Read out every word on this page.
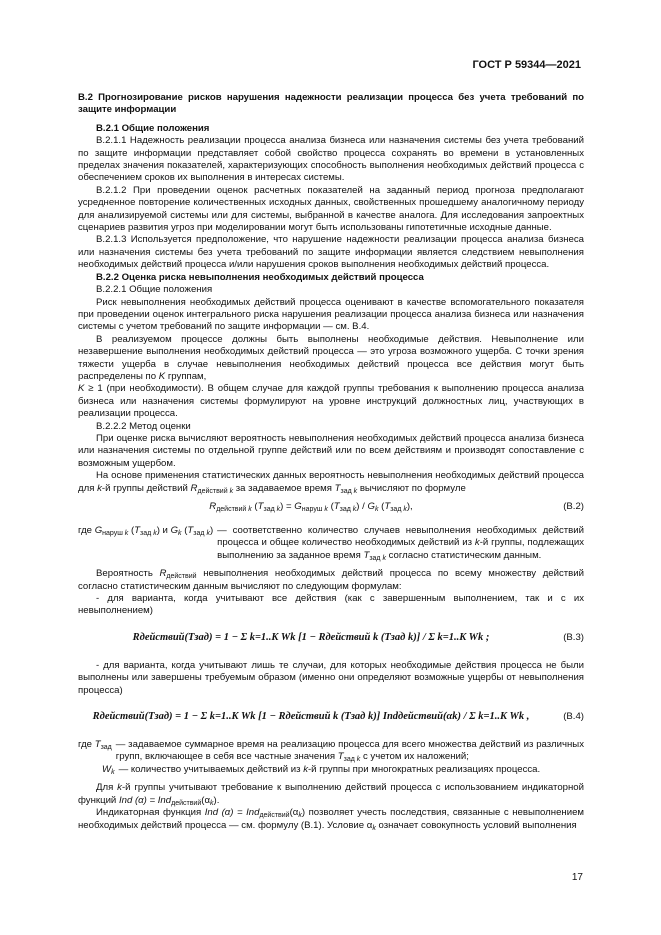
ГОСТ Р 59344—2021

В.2 Прогнозирование рисков нарушения надежности реализации процесса без учета требований по защите информации

В.2.1 Общие положения

В.2.1.1 Надежность реализации процесса анализа бизнеса или назначения системы без учета требований по защите информации представляет собой свойство процесса сохранять во времени в установленных пределах значения показателей, характеризующих способность выполнения необходимых действий процесса с обеспечением сроков их выполнения в интересах системы.

В.2.1.2 При проведении оценок расчетных показателей на заданный период прогноза предполагают усредненное повторение количественных исходных данных, свойственных прошедшему аналогичному периоду для анализируемой системы или для системы, выбранной в качестве аналога. Для исследования запроектных сценариев развития угроз при моделировании могут быть использованы гипотетичные исходные данные.

В.2.1.3 Используется предположение, что нарушение надежности реализации процесса анализа бизнеса или назначения системы без учета требований по защите информации является следствием невыполнения необходимых действий процесса и/или нарушения сроков выполнения необходимых действий процесса.

В.2.2 Оценка риска невыполнения необходимых действий процесса

В.2.2.1 Общие положения

Риск невыполнения необходимых действий процесса оценивают в качестве вспомогательного показателя при проведении оценок интегрального риска нарушения реализации процесса анализа бизнеса или назначения системы с учетом требований по защите информации — см. В.4.

В реализуемом процессе должны быть выполнены необходимые действия. Невыполнение или незавершение выполнения необходимых действий процесса — это угроза возможного ущерба. С точки зрения тяжести ущерба в случае невыполнения необходимых действий процесса все действия могут быть распределены по K группам,
K ≥ 1 (при необходимости). В общем случае для каждой группы требования к выполнению процесса анализа бизнеса или назначения системы формулируют на уровне инструкций должностных лиц, участвующих в реализации процесса.

В.2.2.2 Метод оценки

При оценке риска вычисляют вероятность невыполнения необходимых действий процесса анализа бизнеса или назначения системы по отдельной группе действий или по всем действиям и производят сопоставление с возможным ущербом.

На основе применения статистических данных вероятность невыполнения необходимых действий процесса для k-й группы действий $R_{действий k}$ за задаваемое время $T_{зад k}$ вычисляют по формуле

$R_{действий k}$ $(T_{зад k}) = G_{наруш k}$ $(T_{зад k}) / G_k$ $(T_{зад k})$,	(В.2)
где $G_{наруш k}$ $(T_{зад k})$ и $G_k$ $(T_{зад k})$ — соответственно количество случаев невыполнения необходимых действий процесса и общее количество необходимых действий из k-й группы, подлежащих выполнению за заданное время $T_{зад k}$ согласно статистическим данным.

Вероятность $R_{действий}$ невыполнения необходимых действий процесса по всему множеству действий согласно статистическим данным вычисляют по следующим формулам:

- для варианта, когда учитывают все действия (как с завершенным выполнением, так и с их невыполнением)

Rдействий(Tзад) = 1 − Σ k=1..K Wk [1 − Rдействий k (Tзад k)] / Σ k=1..K Wk ;	(В.3)

- для варианта, когда учитывают лишь те случаи, для которых необходимые действия процесса не были выполнены или завершены требуемым образом (именно они определяют возможные ущербы от невыполнения процесса)

Rдействий(Tзад) = 1 − Σ k=1..K Wk [1 − Rдействий k (Tзад k)] Indдействий(αk) / Σ k=1..K Wk ,	(В.4)
где $T_{зад}$ — задаваемое суммарное время на реализацию процесса для всего множества действий из различных групп, включающее в себя все частные значения $T_{зад k}$ с учетом их наложений;
$W_k$ — количество учитываемых действий из k-й группы при многократных реализациях процесса.

Для k-й группы учитывают требование к выполнению действий процесса с использованием индикаторной функций Ind $(\alpha) = Ind_{действий}(\alpha_k)$.

Индикаторная функция Ind $(\alpha) = Ind_{действий}(\alpha_k)$ позволяет учесть последствия, связанные с невыполнением необходимых действий процесса — см. формулу (В.1). Условие $\alpha_k$ означает совокупность условий выполнения

17
